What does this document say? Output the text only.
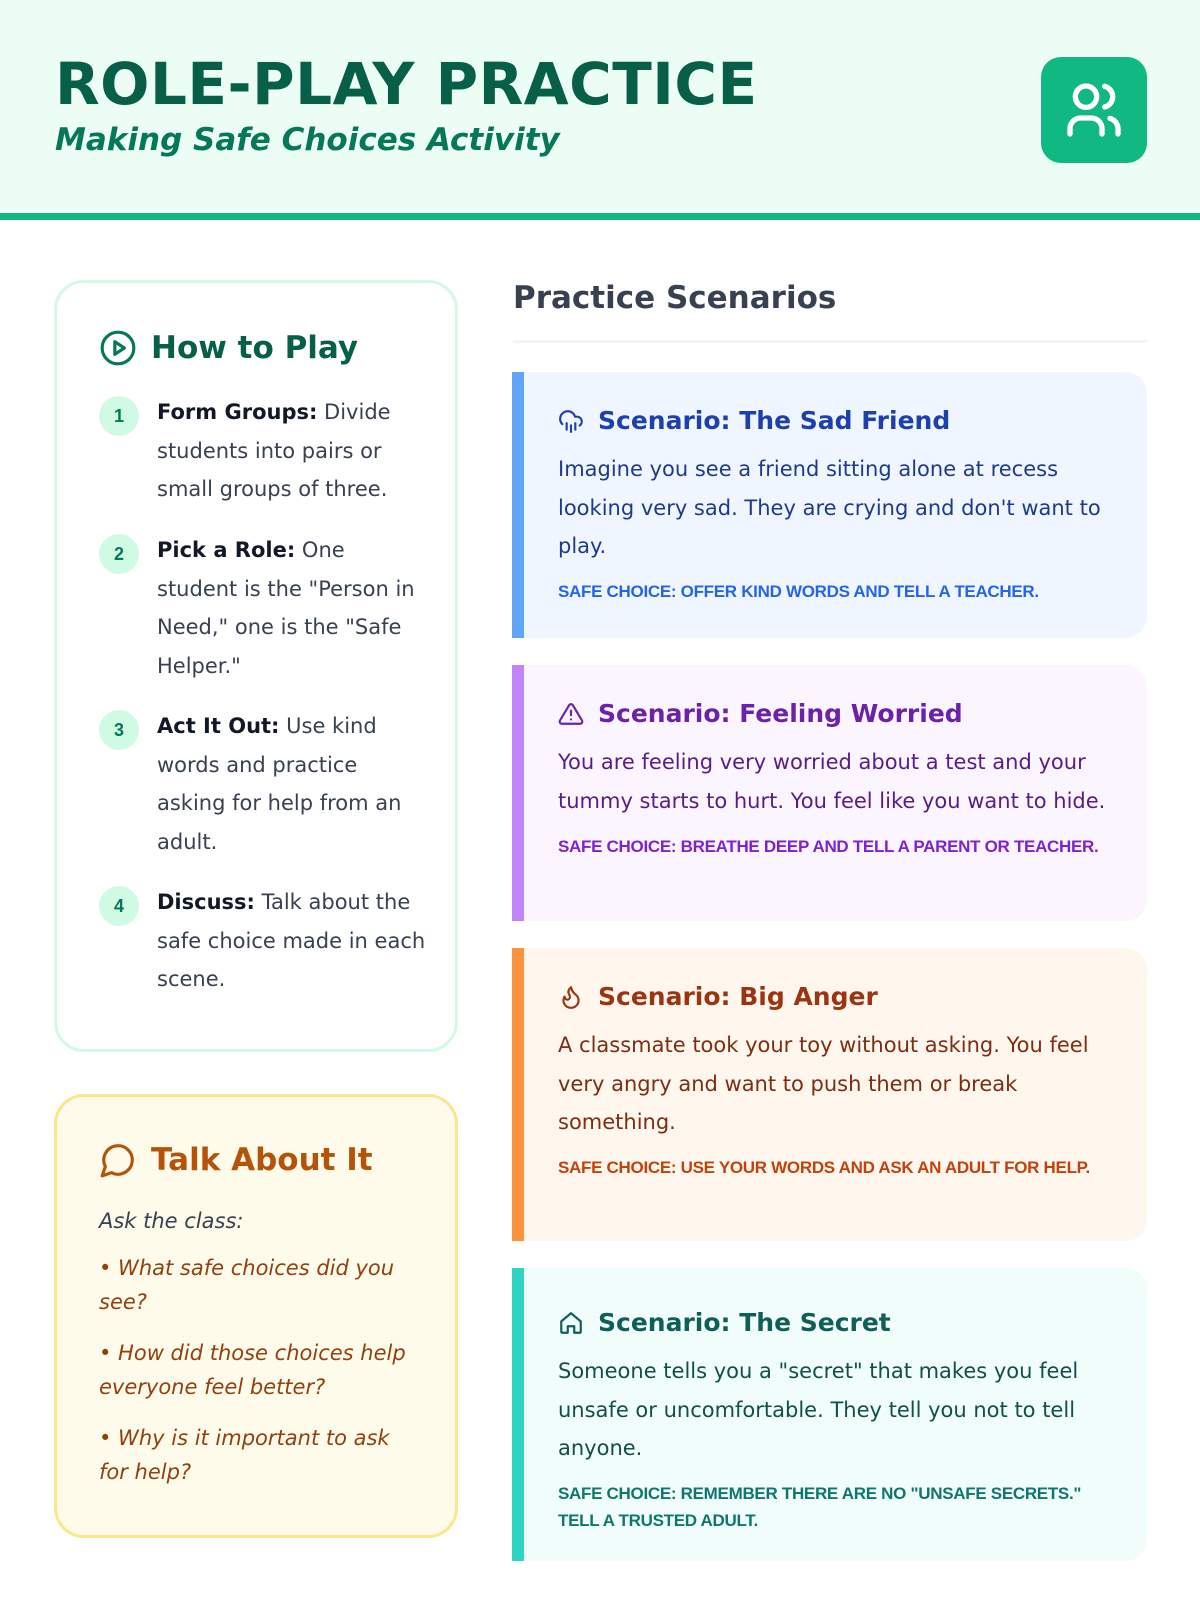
ROLE-PLAY PRACTICE
Making Safe Choices Activity
How to Play
1	Form Groups: Divide students into pairs or small groups of three.
2	Pick a Role: One student is the "Person in Need," one is the "Safe Helper."
3	Act It Out: Use kind words and practice asking for help from an adult.
4	Discuss: Talk about the safe choice made in each scene.
Talk About It
Ask the class:
• What safe choices did you see?
• How did those choices help everyone feel better?
• Why is it important to ask for help?
Practice Scenarios
Scenario: The Sad Friend
Imagine you see a friend sitting alone at recess looking very sad. They are crying and don't want to play.
SAFE CHOICE: OFFER KIND WORDS AND TELL A TEACHER.
Scenario: Feeling Worried
You are feeling very worried about a test and your tummy starts to hurt. You feel like you want to hide.
SAFE CHOICE: BREATHE DEEP AND TELL A PARENT OR TEACHER.
Scenario: Big Anger
A classmate took your toy without asking. You feel very angry and want to push them or break something.
SAFE CHOICE: USE YOUR WORDS AND ASK AN ADULT FOR HELP.
Scenario: The Secret
Someone tells you a "secret" that makes you feel unsafe or uncomfortable. They tell you not to tell anyone.
SAFE CHOICE: REMEMBER THERE ARE NO "UNSAFE SECRETS." TELL A TRUSTED ADULT.
